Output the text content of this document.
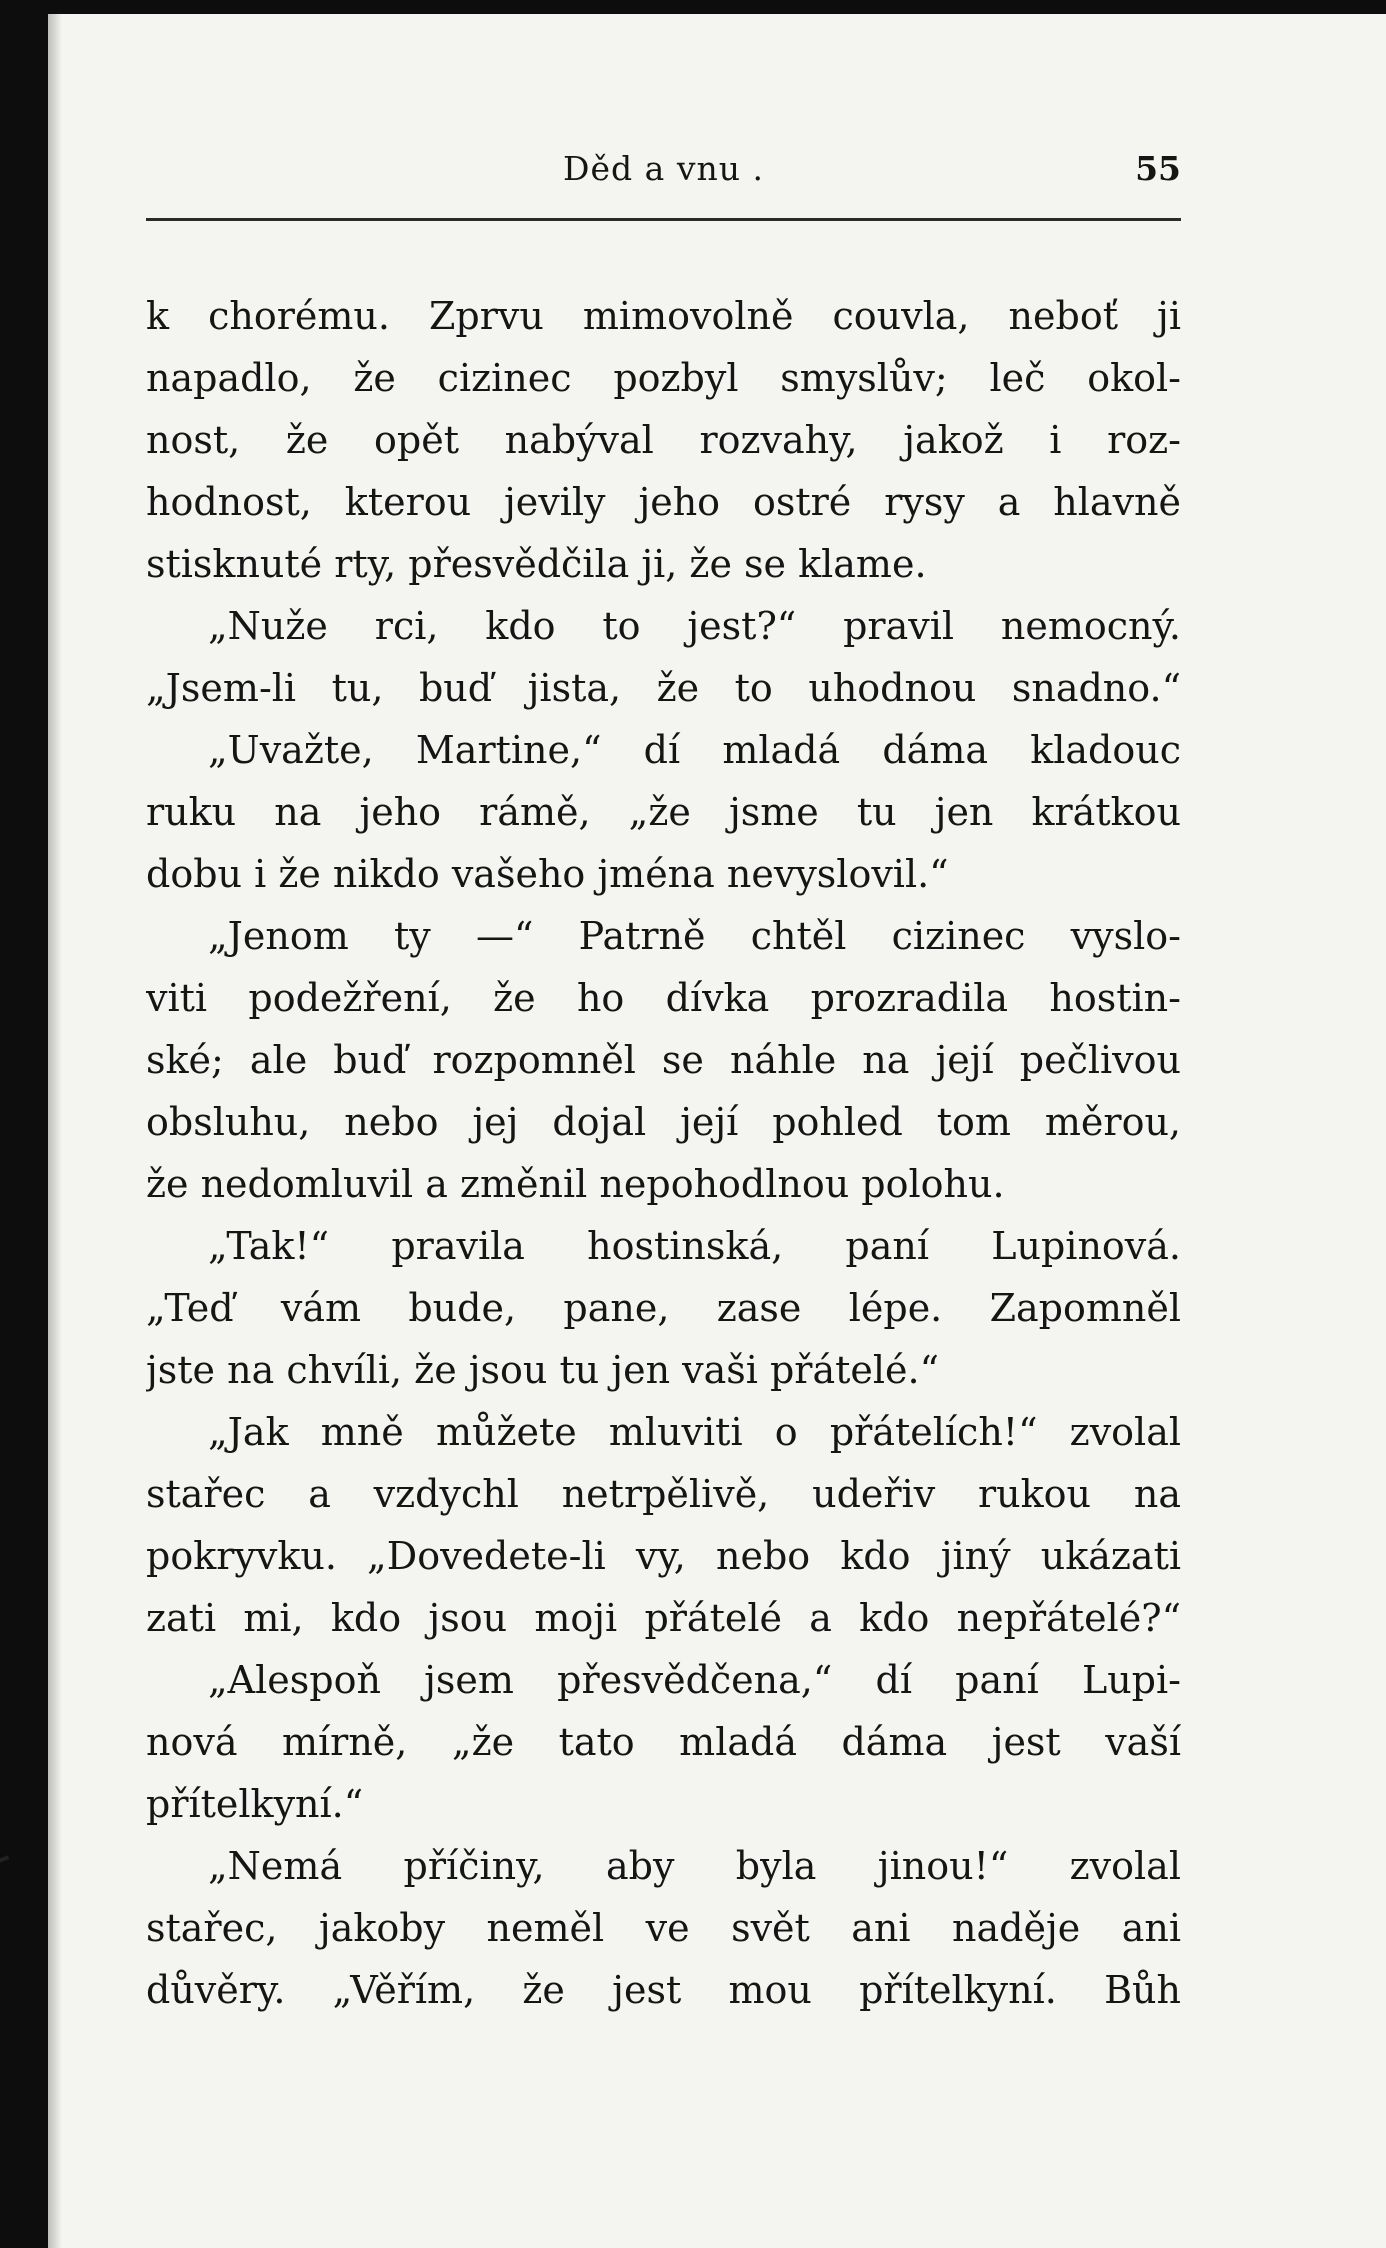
Děd a vnu .	55
k chorému. Zprvu mimovolně couvla, neboť ji
napadlo, že cizinec pozbyl smyslův; leč okol-
nost, že opět nabýval rozvahy, jakož i roz-
hodnost, kterou jevily jeho ostré rysy a hlavně
stisknuté rty, přesvědčila ji, že se klame.
„Nuže rci, kdo to jest?“ pravil nemocný.
„Jsem-li tu, buď jista, že to uhodnou snadno.“
„Uvažte, Martine,“ dí mladá dáma kladouc
ruku na jeho rámě, „že jsme tu jen krátkou
dobu i že nikdo vašeho jména nevyslovil.“
„Jenom ty —“ Patrně chtěl cizinec vyslo-
viti podežření, že ho dívka prozradila hostin-
ské; ale buď rozpomněl se náhle na její pečlivou
obsluhu, nebo jej dojal její pohled tom měrou,
že nedomluvil a změnil nepohodlnou polohu.
„Tak!“ pravila hostinská, paní Lupinová.
„Teď vám bude, pane, zase lépe. Zapomněl
jste na chvíli, že jsou tu jen vaši přátelé.“
„Jak mně můžete mluviti o přátelích!“ zvolal
stařec a vzdychl netrpělivě, udeřiv rukou na
pokryvku. „Dovedete-li vy, nebo kdo jiný ukázati
zati mi, kdo jsou moji přátelé a kdo nepřátelé?“
„Alespoň jsem přesvědčena,“ dí paní Lupi-
nová mírně, „že tato mladá dáma jest vaší
přítelkyní.“
„Nemá příčiny, aby byla jinou!“ zvolal
stařec, jakoby neměl ve svět ani naděje ani
důvěry. „Věřím, že jest mou přítelkyní. Bůh
